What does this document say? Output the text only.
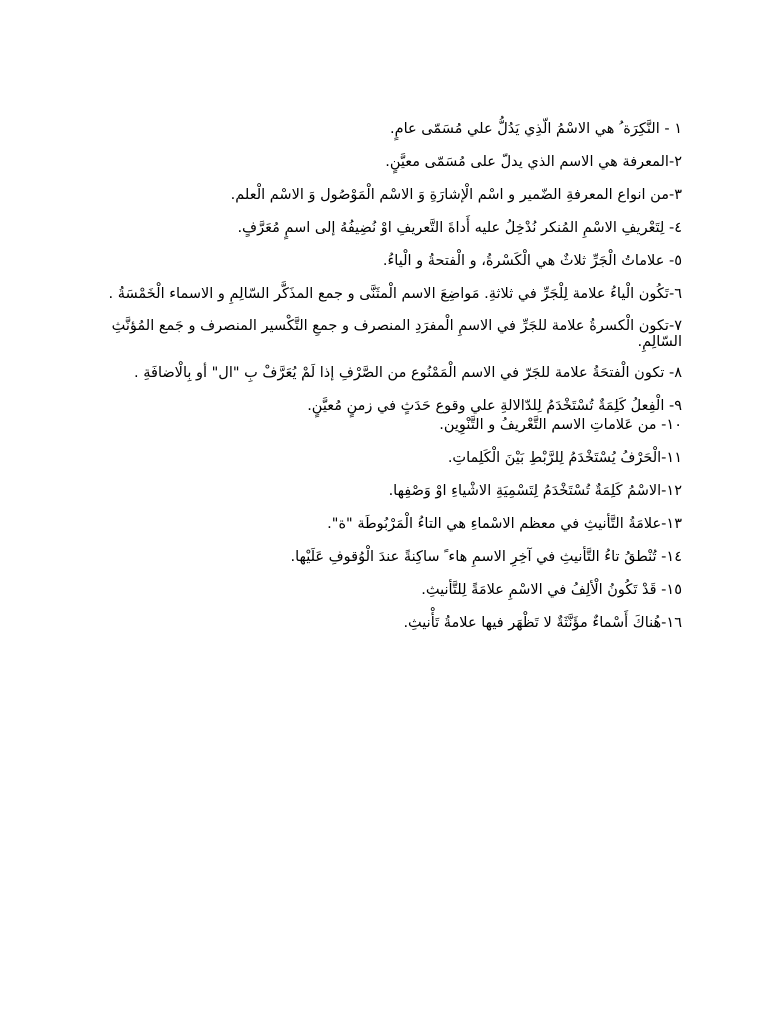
١ - النَّكِرَة ُ هي الاسْمُ الّذِي يَدُلُّ علي مُسَمّى عامٍ.

٢-المعرفة هي الاسم الذي يدلّ على مُسَمّى معيَّنٍ.

٣-من انواع المعرفةِ الضّمير و اسْم الْإشارَةِ وَ الاسْم الْمَوْصُول وَ الاسْم الْعلم.

٤- لِتَعْريفِ الاسْمِ المُنكر نُدْخِلُ عليه أَداةَ التَّعريفِ اوْ نُضِيفُهُ إلى اسمٍ مُعَرَّفٍ.

٥- علاماتُ الْجَرِّ ثلاثٌ هي الْكَسْرةُ، و الْفتحةُ و الْياءُ.

٦-تَكُون الْياءُ علامة لِلْجَرِّ في ثلاثةِ. مَواضِعَ الاسم الْمثَنَّى و جمع المذَكَّر السّالِمِ و الاسماء الْخَمْسَةُ .

٧-تكون الْكسرةُ علامة للجَرِّ في الاسمِ الْمفرَدِ المنصرف و جمعِ التَّكْسير المنصرف و جَمع المُؤنَّثِ السّالِمِ.

٨- تكون الْفتحَةُ علامة للجَرّ في الاسم الْمَمْنُوع من الصَّرْفِ إذا لَمْ يُعَرَّفْ بِ "ال" أو بِالْاضافَةِ .

٩- الْفِعلُ كَلِمَةٌ تُسْتَخْدَمُ لِلدّالالةِ علي وقوع حَدَثٍ في زمنٍ مُعيَّنٍ.

١٠- من عَلاماتِ الاسم التَّعْريفُ و التَّنْوِين.

١١-الْحَرْفُ يُسْتَخْدَمُ لِلرَّبْطِ بَيْنَ الْكَلِماتِ.

١٢-الاسْمُ كَلِمَةٌ تُسْتَخْدَمُ لِتَسْمِيَةِ الاشْياءِ اوْ وَصْفِها.

١٣-علامَةُ التَّأنيثِ في معظم الاسْماءِ هي التاءُ الْمَرْبُوطَة "ة".

١٤- تُنْطقُ تاءُ التَّأنيثِ في آخِرِ الاسمِ هاء ً ساكِنةً عندَ الْوُقوفِ عَلَيْها.

١٥- قَدْ تَكُونُ الْألِفُ في الاسْمِ علامَةً لِلتَّأنيثِ.

١٦-هُناكَ أَسْماءٌ مؤَنَّثَةٌ لا تَظْهَر فيها علامةُ تَأْنيثِ.
